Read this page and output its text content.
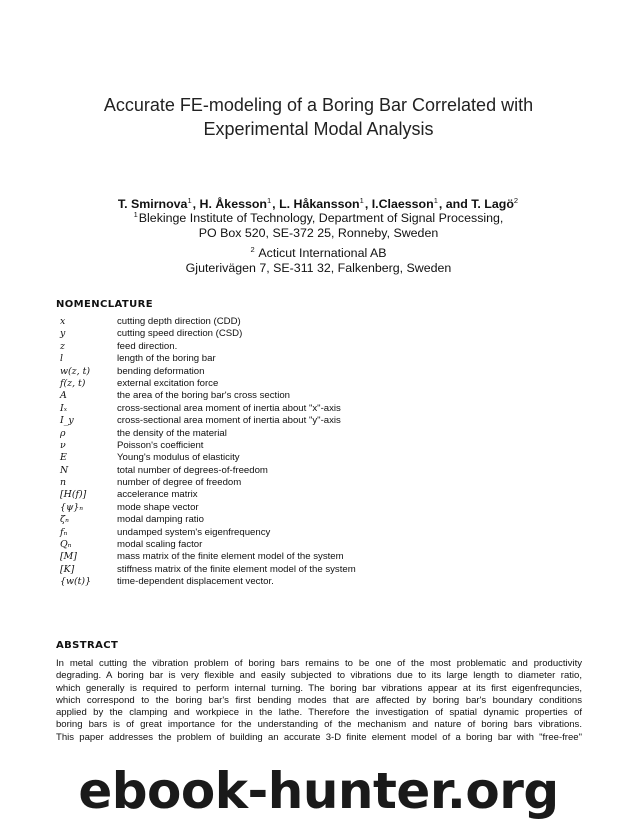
Accurate FE-modeling of a Boring Bar Correlated with
Experimental Modal Analysis
T. Smirnova$^1$, H. Åkesson$^1$, L. Håkansson$^1$, I.Claesson$^1$, and T. Lagö$^2$
$^1$Blekinge Institute of Technology, Department of Signal Processing,
PO Box 520, SE-372 25, Ronneby, Sweden
$^2$ Acticut International AB
Gjuterivägen 7, SE-311 32, Falkenberg, Sweden
NOMENCLATURE
x	cutting depth direction (CDD)
y	cutting speed direction (CSD)
z	feed direction.
l	length of the boring bar
w(z, t)	bending deformation
f(z, t)	external excitation force
A	the area of the boring bar's cross section
Iₓ	cross-sectional area moment of inertia about "x"-axis
I_y	cross-sectional area moment of inertia about "y"-axis
ρ	the density of the material
ν	Poisson's coefficient
E	Young's modulus of elasticity
N	total number of degrees-of-freedom
n	number of degree of freedom
[H(f)]	accelerance matrix
{ψ}ₙ	mode shape vector
ζₙ	modal damping ratio
fₙ	undamped system's eigenfrequency
Qₙ	modal scaling factor
[M]	mass matrix of the finite element model of the system
[K]	stiffness matrix of the finite element model of the system
{w(t)}	time-dependent displacement vector.
ABSTRACT
In metal cutting the vibration problem of boring bars remains to be one of the most problematic and productivity
degrading. A boring bar is very flexible and easily subjected to vibrations due to its large length to diameter ratio,
which generally is required to perform internal turning. The boring bar vibrations appear at its first eigenfrequncies,
which correspond to the boring bar's first bending modes that are affected by boring bar's boundary conditions
applied by the clamping and workpiece in the lathe. Therefore the investigation of spatial dynamic properties of
boring bars is of great importance for the understanding of the mechanism and nature of boring bars vibrations.
This paper addresses the problem of building an accurate 3-D finite element model of a boring bar with "free-free"
ebook-hunter.org
